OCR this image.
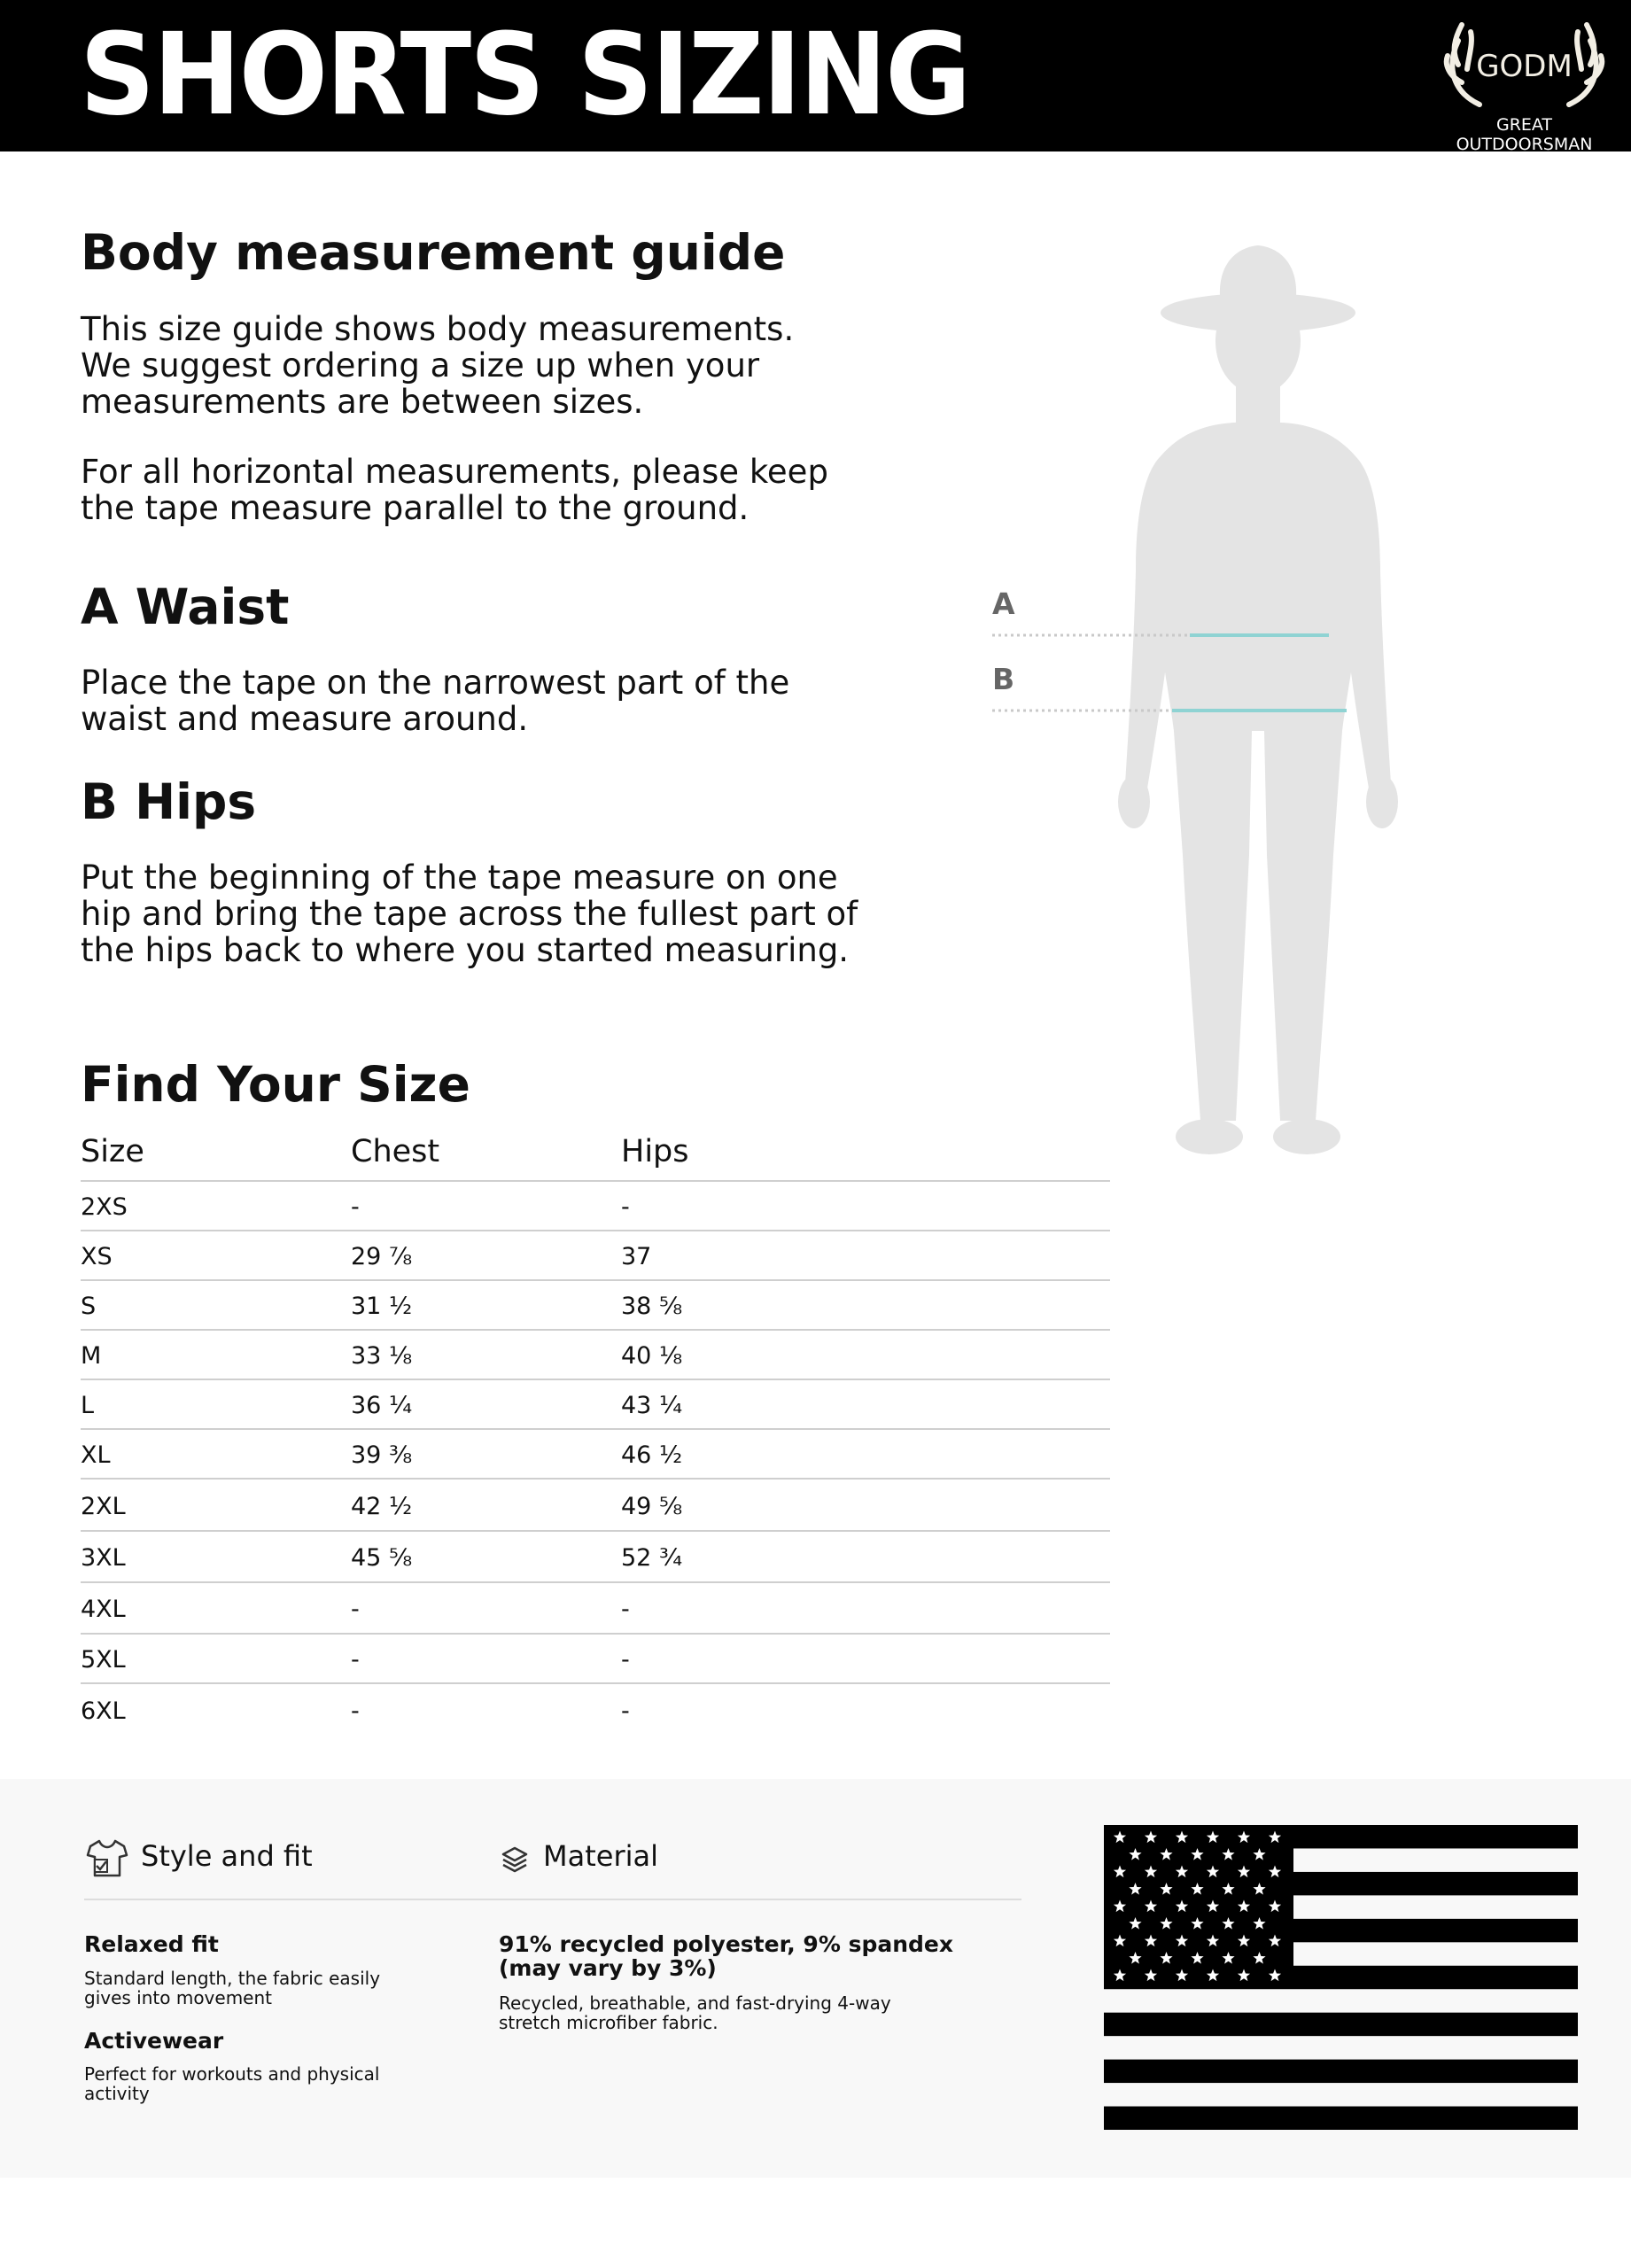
SHORTS SIZING	GODM
GREAT OUTDOORSMAN
Body measurement guide
This size guide shows body measurements.
We suggest ordering a size up when your
measurements are between sizes.
For all horizontal measurements, please keep
the tape measure parallel to the ground.
A Waist
Place the tape on the narrowest part of the
waist and measure around.
B Hips
Put the beginning of the tape measure on one
hip and bring the tape across the fullest part of
the hips back to where you started measuring.
A
B
Find Your Size
Size	Chest	Hips
2XS	-	-
XS	29 ⅞	37
S	31 ½	38 ⅝
M	33 ⅛	40 ⅛
L	36 ¼	43 ¼
XL	39 ⅜	46 ½
2XL	42 ½	49 ⅝
3XL	45 ⅝	52 ¾
4XL	-	-
5XL	-	-
6XL	-	-
Style and fit	Material
Relaxed fit
Standard length, the fabric easily
gives into movement
Activewear
Perfect for workouts and physical
activity
91% recycled polyester, 9% spandex
(may vary by 3%)
Recycled, breathable, and fast-drying 4-way
stretch microfiber fabric.
